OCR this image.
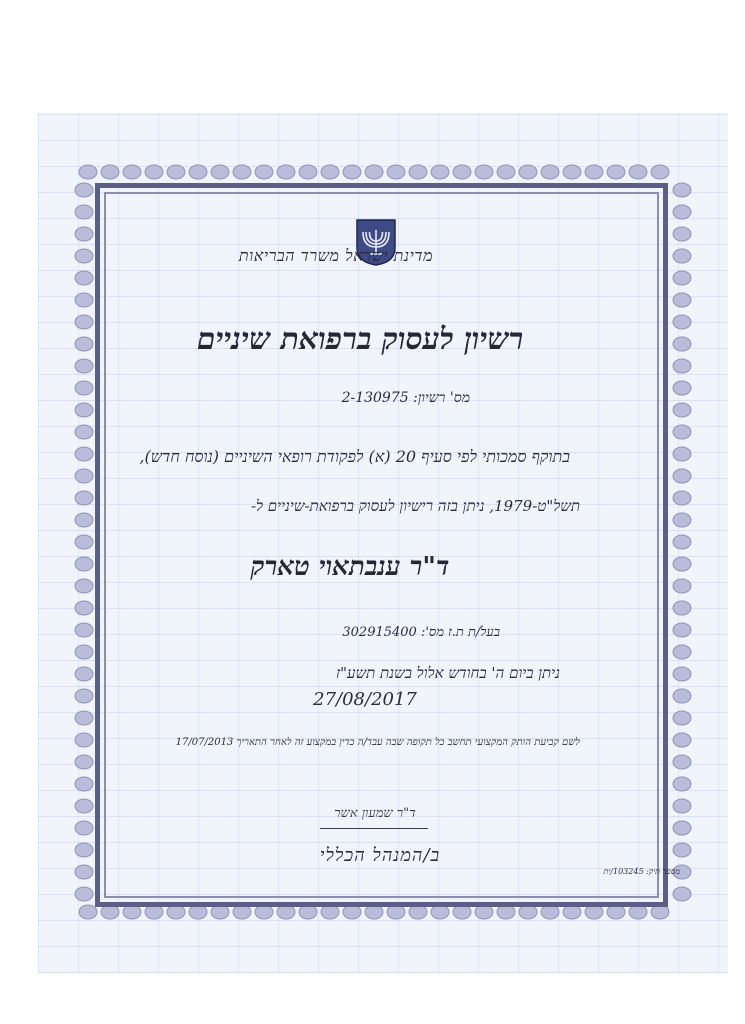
מדינת ישראל משרד הבריאות
רשיון לעסוק ברפואת שיניים
מס' רשיון: 2-130975
בתוקף סמכותי לפי סעיף 20 (א) לפקודת רופאי השיניים (נוסח חדש),
תשל"ט-1979, ניתן בזה רישיון לעסוק ברפואת-שיניים ל-
ד"ר ענבתאוי טארק
בעל/ת ת.ז מס': 302915400
ניתן ביום ה' בחודש אלול בשנת תשע"ז
27/08/2017
לשם קביעת הותק המקצועי תחשב כל תקופה שבה עבד/ה כדין במקצוע זה לאחר התאריך 17/07/2013
ד"ר שמעון אשר
ב/המנהל הכללי
מספר תיק: 103245/ית
